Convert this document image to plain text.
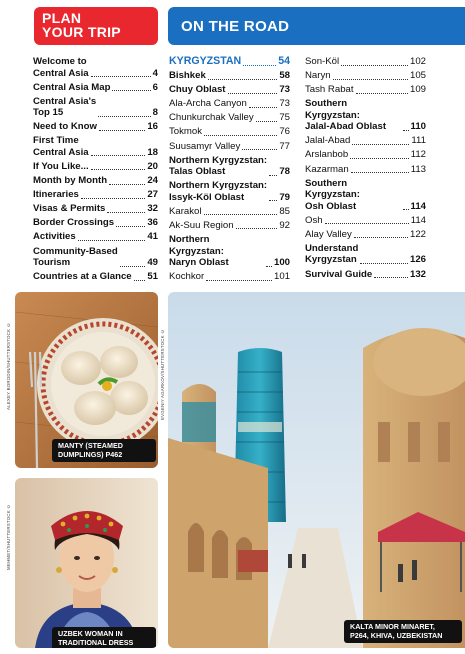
PLAN
YOUR TRIP	ON THE ROAD
Welcome to
Central Asia	4
Central Asia Map	6
Central Asia's
Top 15	8
Need to Know	16
First Time
Central Asia	18
If You Like...	20
Month by Month	24
Itineraries	27
Visas & Permits	32
Border Crossings	36
Activities	41
Community-Based
Tourism	49
Countries at a Glance 51
KYRGYZSTAN	54
Bishkek	58
Chuy Oblast	73
Ala-Archa Canyon	73
Chunkurchak Valley	75
Tokmok	76
Suusamyr Valley	77
Northern Kyrgyzstan:
Talas Oblast	78
Northern Kyrgyzstan:
Issyk-Köl Oblast	79
Karakol	85
Ak-Suu Region	92
Northern Kyrgyzstan:
Naryn Oblast	100
Kochkor	101
Son-Köl	102
Naryn	105
Tash Rabat	109
Southern Kyrgyzstan:
Jalal-Abad Oblast	110
Jalal-Abad	111
Arslanbob	112
Kazarman	113
Southern Kyrgyzstan:
Osh Oblast	114
Osh	114
Alay Valley	122
Understand
Kyrgyzstan	126
Survival Guide	132
MANTY (STEAMED
DUMPLINGS) P462
ALEXEY BORODIN/SHUTTERSTOCK ©
UZBEK WOMAN IN
TRADITIONAL DRESS
MEHMET/SHUTTERSTOCK ©
KALTA MINOR MINARET,
P264, KHIVA, UZBEKISTAN
EVGENIY AGARKOV/SHUTTERSTOCK ©
